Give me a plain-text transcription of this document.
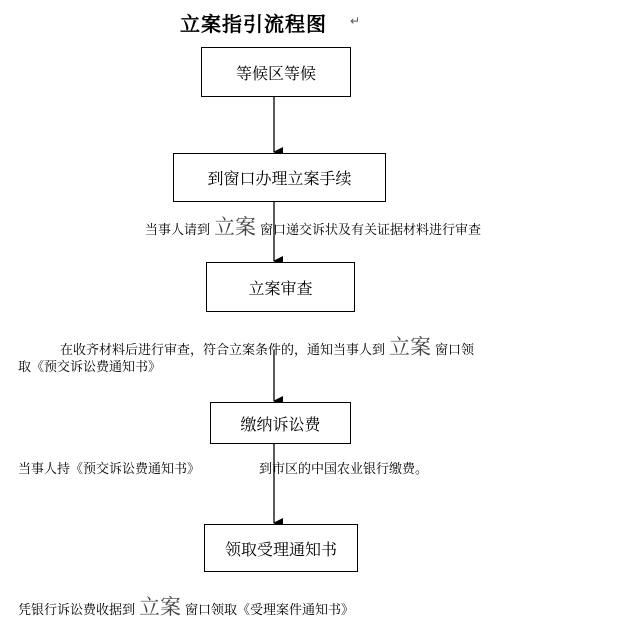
立案指引流程图 ↵
等候区等候
到窗口办理立案手续
立案审查
缴纳诉讼费
领取受理通知书
当事人请到 立案 窗口递交诉状及有关证据材料进行审查
在收齐材料后进行审查，符合立案条件的，通知当事人到 立案 窗口领
取《预交诉讼费通知书》
当事人持《预交诉讼费通知书》	到市区的中国农业银行缴费。
凭银行诉讼费收据到 立案 窗口领取《受理案件通知书》
